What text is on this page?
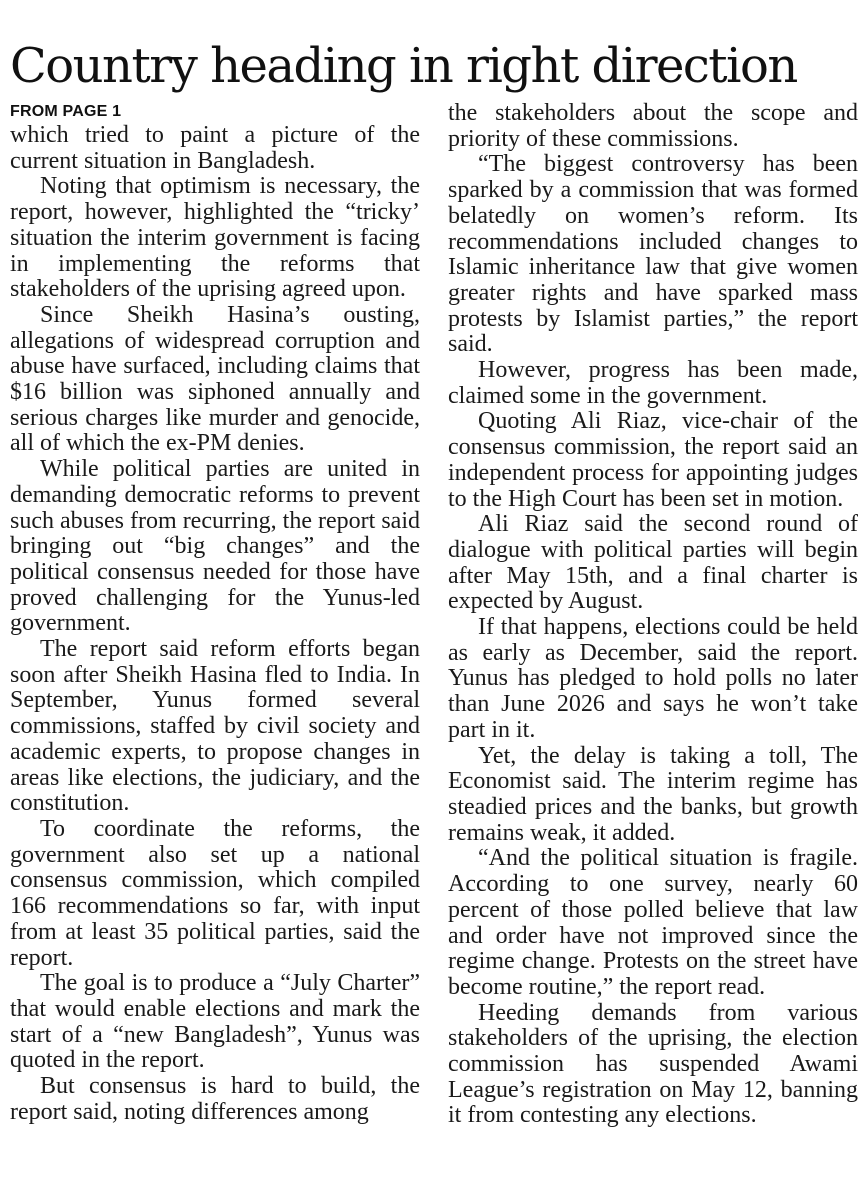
Country heading in right direction
FROM PAGE 1

which tried to paint a picture of the current situation in Bangladesh.

Noting that optimism is necessary, the report, however, highlighted the “tricky’ situation the interim government is facing in implementing the reforms that stakeholders of the uprising agreed upon.

Since Sheikh Hasina’s ousting, allegations of widespread corruption and abuse have surfaced, including claims that $16 billion was siphoned annually and serious charges like murder and genocide, all of which the ex-PM denies.

While political parties are united in demanding democratic reforms to prevent such abuses from recurring, the report said bringing out “big changes” and the political consensus needed for those have proved challenging for the Yunus-led government.

The report said reform efforts began soon after Sheikh Hasina fled to India. In September, Yunus formed several commissions, staffed by civil society and academic experts, to propose changes in areas like elections, the judiciary, and the constitution.

To coordinate the reforms, the government also set up a national consensus commission, which compiled 166 recommendations so far, with input from at least 35 political parties, said the report.

The goal is to produce a “July Charter” that would enable elections and mark the start of a “new Bangladesh”, Yunus was quoted in the report.

But consensus is hard to build, the report said, noting differences among

the stakeholders about the scope and priority of these commissions.

“The biggest controversy has been sparked by a commission that was formed belatedly on women’s reform. Its recommendations included changes to Islamic inheritance law that give women greater rights and have sparked mass protests by Islamist parties,” the report said.

However, progress has been made, claimed some in the government.

Quoting Ali Riaz, vice-chair of the consensus commission, the report said an independent process for appointing judges to the High Court has been set in motion.

Ali Riaz said the second round of dialogue with political parties will begin after May 15th, and a final charter is expected by August.

If that happens, elections could be held as early as December, said the report. Yunus has pledged to hold polls no later than June 2026 and says he won’t take part in it.

Yet, the delay is taking a toll, The Economist said. The interim regime has steadied prices and the banks, but growth remains weak, it added.

“And the political situation is fragile. According to one survey, nearly 60 percent of those polled believe that law and order have not improved since the regime change. Protests on the street have become routine,” the report read.

Heeding demands from various stakeholders of the uprising, the election commission has suspended Awami League’s registration on May 12, banning it from contesting any elections.
